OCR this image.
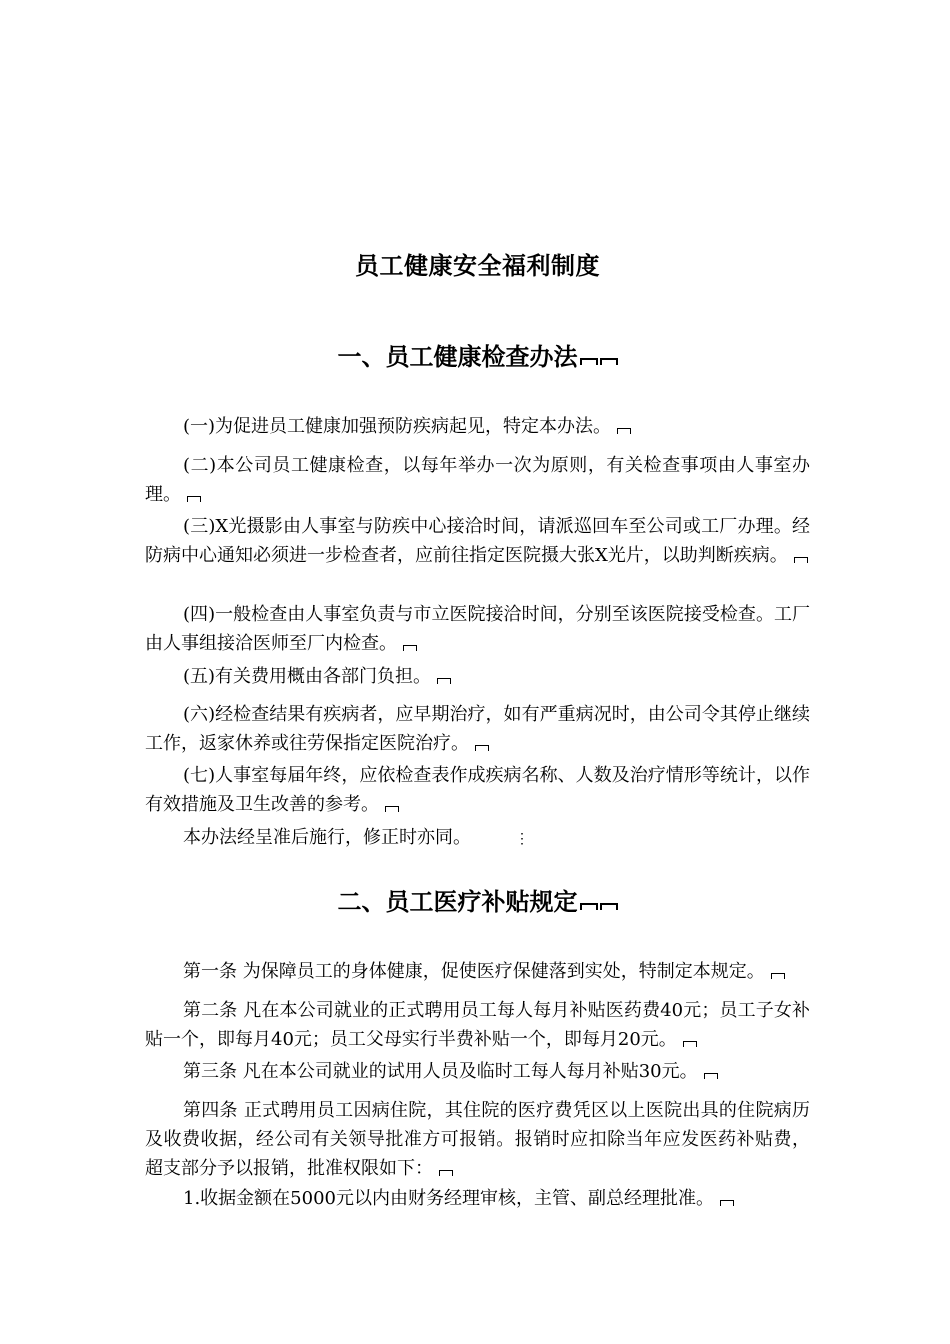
员工健康安全福利制度
一、员工健康检查办法

(一)为促进员工健康加强预防疾病起见，特定本办法。

(二)本公司员工健康检查，以每年举办一次为原则，有关检查事项由人事室办理。

(三)X光摄影由人事室与防疾中心接洽时间，请派巡回车至公司或工厂办理。经防病中心通知必须进一步检查者，应前往指定医院摄大张X光片，以助判断疾病。

(四)一般检查由人事室负责与市立医院接洽时间，分别至该医院接受检查。工厂由人事组接洽医师至厂内检查。

(五)有关费用概由各部门负担。

(六)经检查结果有疾病者，应早期治疗，如有严重病况时，由公司令其停止继续工作，返家休养或往劳保指定医院治疗。

(七)人事室每届年终，应依检查表作成疾病名称、人数及治疗情形等统计，以作有效措施及卫生改善的参考。

本办法经呈准后施行，修正时亦同。	⋮

二、员工医疗补贴规定

第一条 为保障员工的身体健康，促使医疗保健落到实处，特制定本规定。

第二条 凡在本公司就业的正式聘用员工每人每月补贴医药费40元；员工子女补贴一个，即每月40元；员工父母实行半费补贴一个，即每月20元。

第三条 凡在本公司就业的试用人员及临时工每人每月补贴30元。

第四条 正式聘用员工因病住院，其住院的医疗费凭区以上医院出具的住院病历及收费收据，经公司有关领导批准方可报销。报销时应扣除当年应发医药补贴费，超支部分予以报销，批准权限如下：

1.收据金额在5000元以内由财务经理审核，主管、副总经理批准。
